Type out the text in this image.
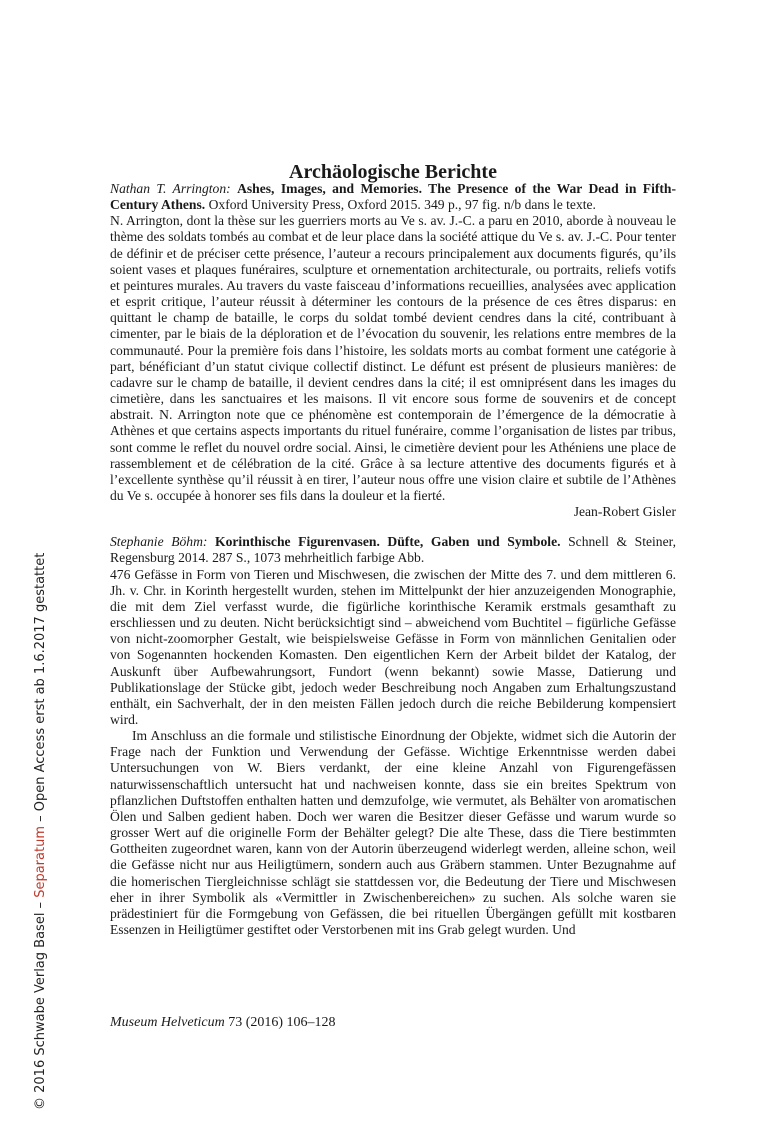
© 2016 Schwabe Verlag Basel – Separatum – Open Access erst ab 1.6.2017 gestattet
Archäologische Berichte

Nathan T. Arrington: Ashes, Images, and Memories. The Presence of the War Dead in Fifth-Century Athens. Oxford University Press, Oxford 2015. 349 p., 97 fig. n/b dans le texte.

N. Arrington, dont la thèse sur les guerriers morts au Ve s. av. J.-C. a paru en 2010, aborde à nouveau le thème des soldats tombés au combat et de leur place dans la société attique du Ve s. av. J.-C. Pour tenter de définir et de préciser cette présence, l’auteur a recours principalement aux documents figurés, qu’ils soient vases et plaques funéraires, sculpture et ornementation architecturale, ou portraits, reliefs votifs et peintures murales. Au travers du vaste faisceau d’informations recueillies, analysées avec application et esprit critique, l’auteur réussit à déterminer les contours de la présence de ces êtres disparus: en quittant le champ de bataille, le corps du soldat tombé devient cendres dans la cité, contribuant à cimenter, par le biais de la déploration et de l’évocation du souvenir, les relations entre membres de la communauté. Pour la première fois dans l’histoire, les soldats morts au combat forment une catégorie à part, bénéficiant d’un statut civique collectif distinct. Le défunt est présent de plusieurs manières: de cadavre sur le champ de bataille, il devient cendres dans la cité; il est omniprésent dans les images du cimetière, dans les sanctuaires et les maisons. Il vit encore sous forme de souvenirs et de concept abstrait. N. Arrington note que ce phénomène est contemporain de l’émergence de la démocratie à Athènes et que certains aspects importants du rituel funéraire, comme l’organisation de listes par tribus, sont comme le reflet du nouvel ordre social. Ainsi, le cimetière devient pour les Athéniens une place de rassemblement et de célébration de la cité. Grâce à sa lecture attentive des documents figurés et à l’excellente synthèse qu’il réussit à en tirer, l’auteur nous offre une vision claire et subtile de l’Athènes du Ve s. occupée à honorer ses fils dans la douleur et la fierté.

Jean-Robert Gisler

Stephanie Böhm: Korinthische Figurenvasen. Düfte, Gaben und Symbole. Schnell & Steiner, Regensburg 2014. 287 S., 1073 mehrheitlich farbige Abb.

476 Gefässe in Form von Tieren und Mischwesen, die zwischen der Mitte des 7. und dem mittleren 6. Jh. v. Chr. in Korinth hergestellt wurden, stehen im Mittelpunkt der hier anzuzeigenden Monographie, die mit dem Ziel verfasst wurde, die figürliche korinthische Keramik erstmals gesamthaft zu erschliessen und zu deuten. Nicht berücksichtigt sind – abweichend vom Buchtitel – figürliche Gefässe von nicht-zoomorpher Gestalt, wie beispielsweise Gefässe in Form von männlichen Genitalien oder von Sogenannten hockenden Komasten. Den eigentlichen Kern der Arbeit bildet der Katalog, der Auskunft über Aufbewahrungsort, Fundort (wenn bekannt) sowie Masse, Datierung und Publikationslage der Stücke gibt, jedoch weder Beschreibung noch Angaben zum Erhaltungszustand enthält, ein Sachverhalt, der in den meisten Fällen jedoch durch die reiche Bebilderung kompensiert wird.

Im Anschluss an die formale und stilistische Einordnung der Objekte, widmet sich die Autorin der Frage nach der Funktion und Verwendung der Gefässe. Wichtige Erkenntnisse werden dabei Untersuchungen von W. Biers verdankt, der eine kleine Anzahl von Figurengefässen naturwissenschaftlich untersucht hat und nachweisen konnte, dass sie ein breites Spektrum von pflanzlichen Duftstoffen enthalten hatten und demzufolge, wie vermutet, als Behälter von aromatischen Ölen und Salben gedient haben. Doch wer waren die Besitzer dieser Gefässe und warum wurde so grosser Wert auf die originelle Form der Behälter gelegt? Die alte These, dass die Tiere bestimmten Gottheiten zugeordnet waren, kann von der Autorin überzeugend widerlegt werden, alleine schon, weil die Gefässe nicht nur aus Heiligtümern, sondern auch aus Gräbern stammen. Unter Bezugnahme auf die homerischen Tiergleichnisse schlägt sie stattdessen vor, die Bedeutung der Tiere und Mischwesen eher in ihrer Symbolik als «Vermittler in Zwischenbereichen» zu suchen. Als solche waren sie prädestiniert für die Formgebung von Gefässen, die bei rituellen Übergängen gefüllt mit kostbaren Essenzen in Heiligtümer gestiftet oder Verstorbenen mit ins Grab gelegt wurden. Und

Museum Helveticum 73 (2016) 106–128
